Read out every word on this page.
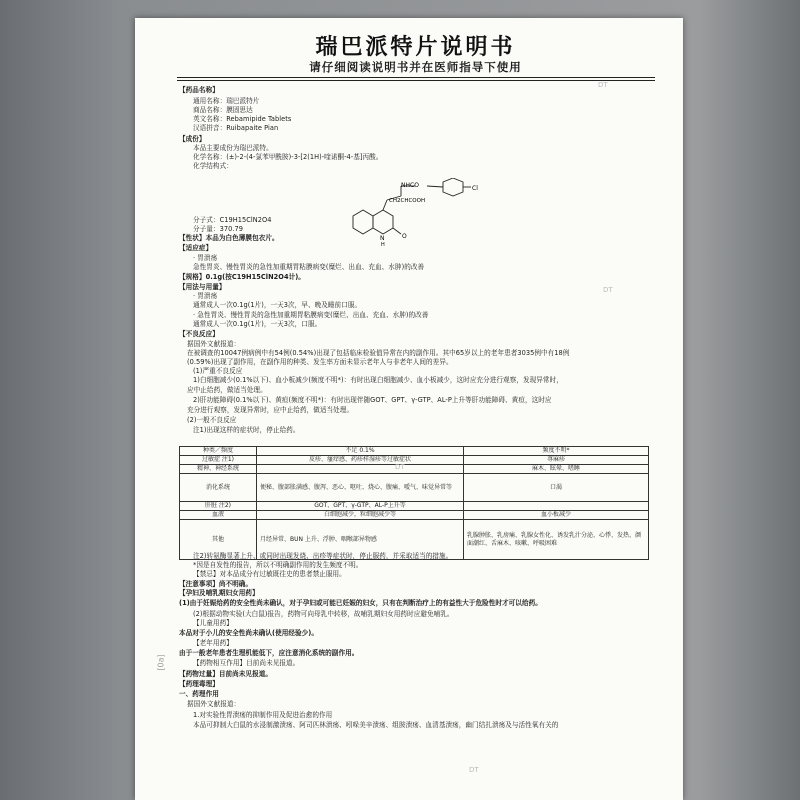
瑞巴派特片说明书
请仔细阅读说明书并在医师指导下使用
【药品名称】
通用名称：瑞巴派特片
商品名称：膜固思达
英文名称：Rebamipide Tablets
汉语拼音：Ruibapaite Pian
【成份】
本品主要成份为瑞巴派特。
化学名称：(±)-2-(4-氯苯甲酰胺)-3-[2(1H)-喹诺酮-4-基]丙酸。
化学结构式：
分子式：C19H15ClN2O4
分子量：370.79
【性状】本品为白色薄膜包衣片。
【适应症】
· 胃溃疡
急性胃炎、慢性胃炎的急性加重期胃粘膜病变(糜烂、出血、充血、水肿)的改善
【规格】0.1g(按C19H15ClN2O4计)。
【用法与用量】
· 胃溃疡
通常成人一次0.1g(1片)，一天3次，早、晚及睡前口服。
· 急性胃炎、慢性胃炎的急性加重期胃粘膜病变(糜烂、出血、充血、水肿)的改善
通常成人一次0.1g(1片)，一天3次，口服。
【不良反应】
据国外文献报道：
在被调查的10047例病例中有54例(0.54%)出现了包括临床检验值异常在内的副作用。其中65岁以上的老年患者3035例中有18例
(0.59%)出现了副作用，在副作用的种类、发生率方面未显示老年人与非老年人间的差异。
(1)严重不良反应
1)白细胞减少(0.1%以下)、血小板减少(频度不明*)：有时出现白细胞减少、血小板减少，这时应充分进行观察，发现异常时，
应中止给药，做适当处理。
2)肝功能障碍(0.1%以下)、黄疸(频度不明*)：有时出现伴随GOT、GPT、γ-GTP、AL-P上升等肝功能障碍、黄疸，这时应
充分进行观察，发现异常时，应中止给药，做适当处理。
(2)一般不良反应
注1)出现这样的症状时，停止给药。
注2)转氨酶显著上升、或同时出现发烧、出疹等症状时，停止服药，并采取适当的措施。
*因是自发性的报告，所以不明确副作用的发生频度不明。
【禁忌】对本品成分有过敏既往史的患者禁止服用。
【注意事项】尚不明确。
【孕妇及哺乳期妇女用药】
(1)由于妊娠给药的安全性尚未确认，对于孕妇或可能已妊娠的妇女，只有在判断治疗上的有益性大于危险性时才可以给药。
(2)根据动物实验(大白鼠)报告，药物可向母乳中转移，故哺乳期妇女用药时应避免哺乳。
【儿童用药】
本品对于小儿的安全性尚未确认(使用经验少)。
【老年用药】
由于一般老年患者生理机能低下，应注意消化系统的副作用。
【药物相互作用】目前尚未见报道。
【药物过量】目前尚未见报道。
【药理毒理】
一、药理作用
据国外文献报道：
1.对实验性胃溃疡的抑制作用及促进治愈的作用
本品可抑制大白鼠的水浸制激溃疡、阿司匹林溃疡、吲哚美辛溃疡、组胺溃疡、血清基溃疡，幽门结扎溃疡及与活性氧有关的
NHCO	Cl
CH2CHCOOH
N
H
O
种类／频度	不足 0.1%	频度不明*
过敏症 注1)	皮疹、瘙痒感、药疹样湿疹等过敏症状	荨麻疹
精神、神经系统		麻木、眩晕、嗜睡
消化系统	便秘、腹部胀满感、腹泻、恶心、呕吐、烧心、腹痛、嗳气、味觉异常等	口渴
肝脏 注2)	GOT、GPT、γ-GTP、AL-P上升等	
血液	白细胞减少，粒细胞减少等	血小板减少
其他	月经异常、BUN 上升、浮肿、咽喉部异物感	乳腺肿胀、乳房痛、乳腺女性化、诱发乳汁分泌、心悸、发热、颜面潮红、舌麻木、咳嗽、呼吸困难
DT
DT
DT
DT
[0a]
